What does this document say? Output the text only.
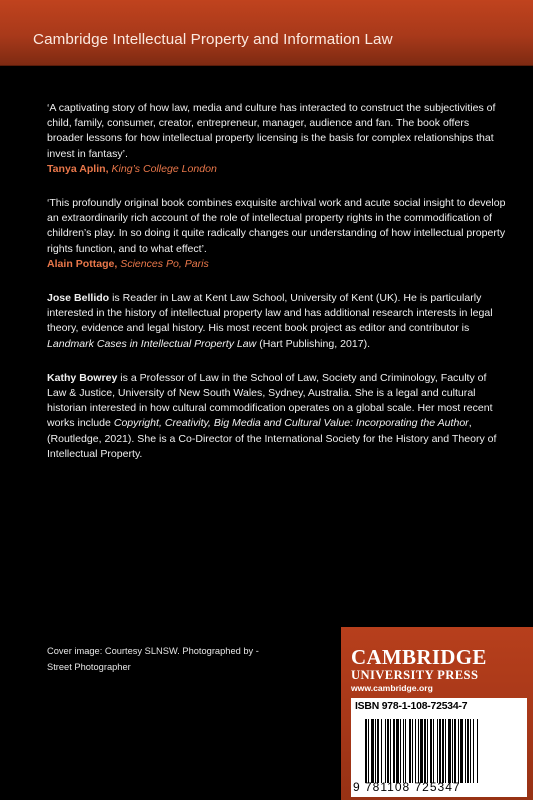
Cambridge Intellectual Property and Information Law

‘A captivating story of how law, media and culture has interacted to construct the subjectivities of child, family, consumer, creator, entrepreneur, manager, audience and fan. The book offers broader lessons for how intellectual property licensing is the basis for complex relationships that invest in fantasy’.

Tanya Aplin, King’s College London

‘This profoundly original book combines exquisite archival work and acute social insight to develop an extraordinarily rich account of the role of intellectual property rights in the commodification of children’s play. In so doing it quite radically changes our understanding of how intellectual property rights function, and to what effect’.

Alain Pottage, Sciences Po, Paris

Jose Bellido is Reader in Law at Kent Law School, University of Kent (UK). He is particularly interested in the history of intellectual property law and has additional research interests in legal theory, evidence and legal history. His most recent book project as editor and contributor is Landmark Cases in Intellectual Property Law (Hart Publishing, 2017).

Kathy Bowrey is a Professor of Law in the School of Law, Society and Criminology, Faculty of Law & Justice, University of New South Wales, Sydney, Australia. She is a legal and cultural historian interested in how cultural commodification operates on a global scale. Her most recent works include Copyright, Creativity, Big Media and Cultural Value: Incorporating the Author, (Routledge, 2021). She is a Co-Director of the International Society for the History and Theory of Intellectual Property.

Cover image: Courtesy SLNSW. Photographed by - Street Photographer	CAMBRIDGE
UNIVERSITY PRESS
www.cambridge.org
ISBN 978-1-108-72534-7
9 781108 725347
